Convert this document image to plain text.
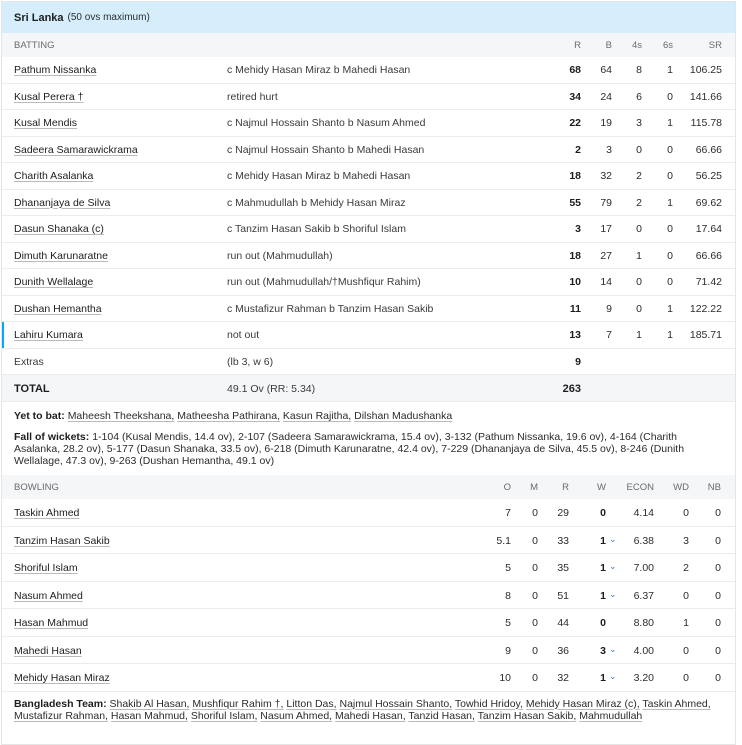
Sri Lanka (50 ovs maximum)
BATTING	R	B	4s	6s	SR
Pathum Nissanka	c Mehidy Hasan Miraz b Mahedi Hasan	68	64	8	1	106.25
Kusal Perera †	retired hurt	34	24	6	0	141.66
Kusal Mendis	c Najmul Hossain Shanto b Nasum Ahmed	22	19	3	1	115.78
Sadeera Samarawickrama	c Najmul Hossain Shanto b Mahedi Hasan	2	3	0	0	66.66
Charith Asalanka	c Mehidy Hasan Miraz b Mahedi Hasan	18	32	2	0	56.25
Dhananjaya de Silva	c Mahmudullah b Mehidy Hasan Miraz	55	79	2	1	69.62
Dasun Shanaka (c)	c Tanzim Hasan Sakib b Shoriful Islam	3	17	0	0	17.64
Dimuth Karunaratne	run out (Mahmudullah)	18	27	1	0	66.66
Dunith Wellalage	run out (Mahmudullah/†Mushfiqur Rahim)	10	14	0	0	71.42
Dushan Hemantha	c Mustafizur Rahman b Tanzim Hasan Sakib	11	9	0	1	122.22
Lahiru Kumara	not out	13	7	1	1	185.71
Extras	(lb 3, w 6)	9
TOTAL	49.1 Ov (RR: 5.34)	263
Yet to bat: Maheesh Theekshana, Matheesha Pathirana, Kasun Rajitha, Dilshan Madushanka
Fall of wickets: 1-104 (Kusal Mendis, 14.4 ov), 2-107 (Sadeera Samarawickrama, 15.4 ov), 3-132 (Pathum Nissanka, 19.6 ov), 4-164 (Charith Asalanka, 28.2 ov), 5-177 (Dasun Shanaka, 33.5 ov), 6-218 (Dimuth Karunaratne, 42.4 ov), 7-229 (Dhananjaya de Silva, 45.5 ov), 8-246 (Dunith Wellalage, 47.3 ov), 9-263 (Dushan Hemantha, 49.1 ov)
BOWLING	O	M	R	W	ECON	WD	NB
Taskin Ahmed	7	0	29	0	4.14	0	0
Tanzim Hasan Sakib	5.1	0	33	1 ⌄	6.38	3	0
Shoriful Islam	5	0	35	1 ⌄	7.00	2	0
Nasum Ahmed	8	0	51	1 ⌄	6.37	0	0
Hasan Mahmud	5	0	44	0	8.80	1	0
Mahedi Hasan	9	0	36	3 ⌄	4.00	0	0
Mehidy Hasan Miraz	10	0	32	1 ⌄	3.20	0	0
Bangladesh Team: Shakib Al Hasan, Mushfiqur Rahim †, Litton Das, Najmul Hossain Shanto, Towhid Hridoy, Mehidy Hasan Miraz (c), Taskin Ahmed, Mustafizur Rahman, Hasan Mahmud, Shoriful Islam, Nasum Ahmed, Mahedi Hasan, Tanzid Hasan, Tanzim Hasan Sakib, Mahmudullah
